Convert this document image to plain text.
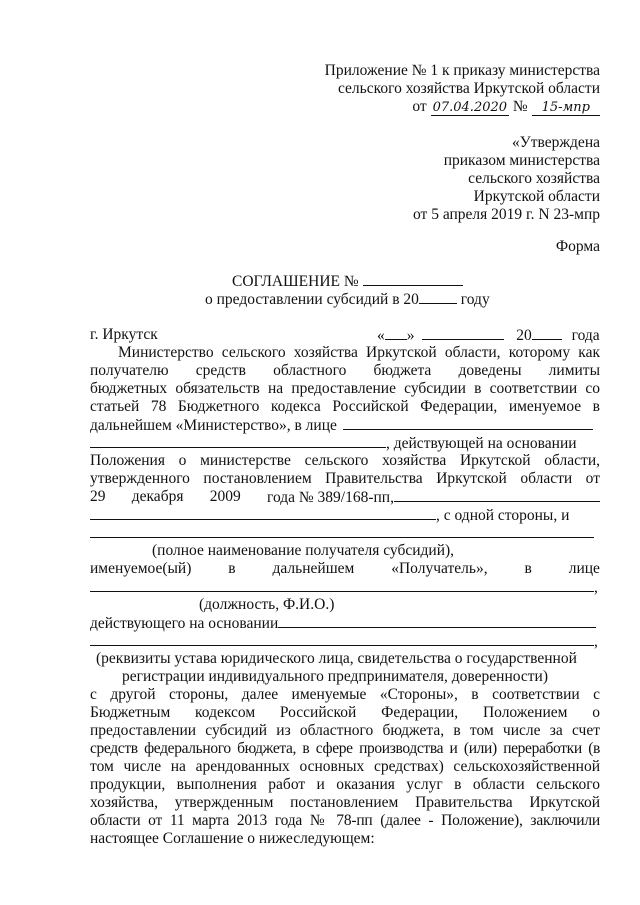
Приложение № 1 к приказу министерства
сельского хозяйства Иркутской области
от 07.04.2020 № 15-мпр
«Утверждена
приказом министерства
сельского хозяйства
Иркутской области
от 5 апреля 2019 г. N 23-мпр
Форма
СОГЛАШЕНИЕ №
о предоставлении субсидий в 20	году
г. Иркутск	« »	20	года
Министерство сельского хозяйства Иркутской области, которому как
получателю средств областного бюджета доведены лимиты
бюджетных обязательств на предоставление субсидии в соответствии со
статьей 78 Бюджетного кодекса Российской Федерации, именуемое в
дальнейшем «Министерство», в лице
, действующей на основании
Положения о министерстве сельского хозяйства Иркутской области,
утвержденного постановлением Правительства Иркутской области от
29 декабря 2009 года № 389/168-пп,
, с одной стороны, и
(полное наименование получателя субсидий),
именуемое(ый) в дальнейшем «Получатель», в лице
,
(должность, Ф.И.О.)
действующего на основании
,
(реквизиты устава юридического лица, свидетельства о государственной
регистрации индивидуального предпринимателя, доверенности)
с другой стороны, далее именуемые «Стороны», в соответствии с
Бюджетным кодексом Российской Федерации, Положением о
предоставлении субсидий из областного бюджета, в том числе за счет
средств федерального бюджета, в сфере производства и (или) переработки (в
том числе на арендованных основных средствах) сельскохозяйственной
продукции, выполнения работ и оказания услуг в области сельского
хозяйства, утвержденным постановлением Правительства Иркутской
области от 11 марта 2013 года № 78-пп (далее - Положение), заключили
настоящее Соглашение о нижеследующем:
